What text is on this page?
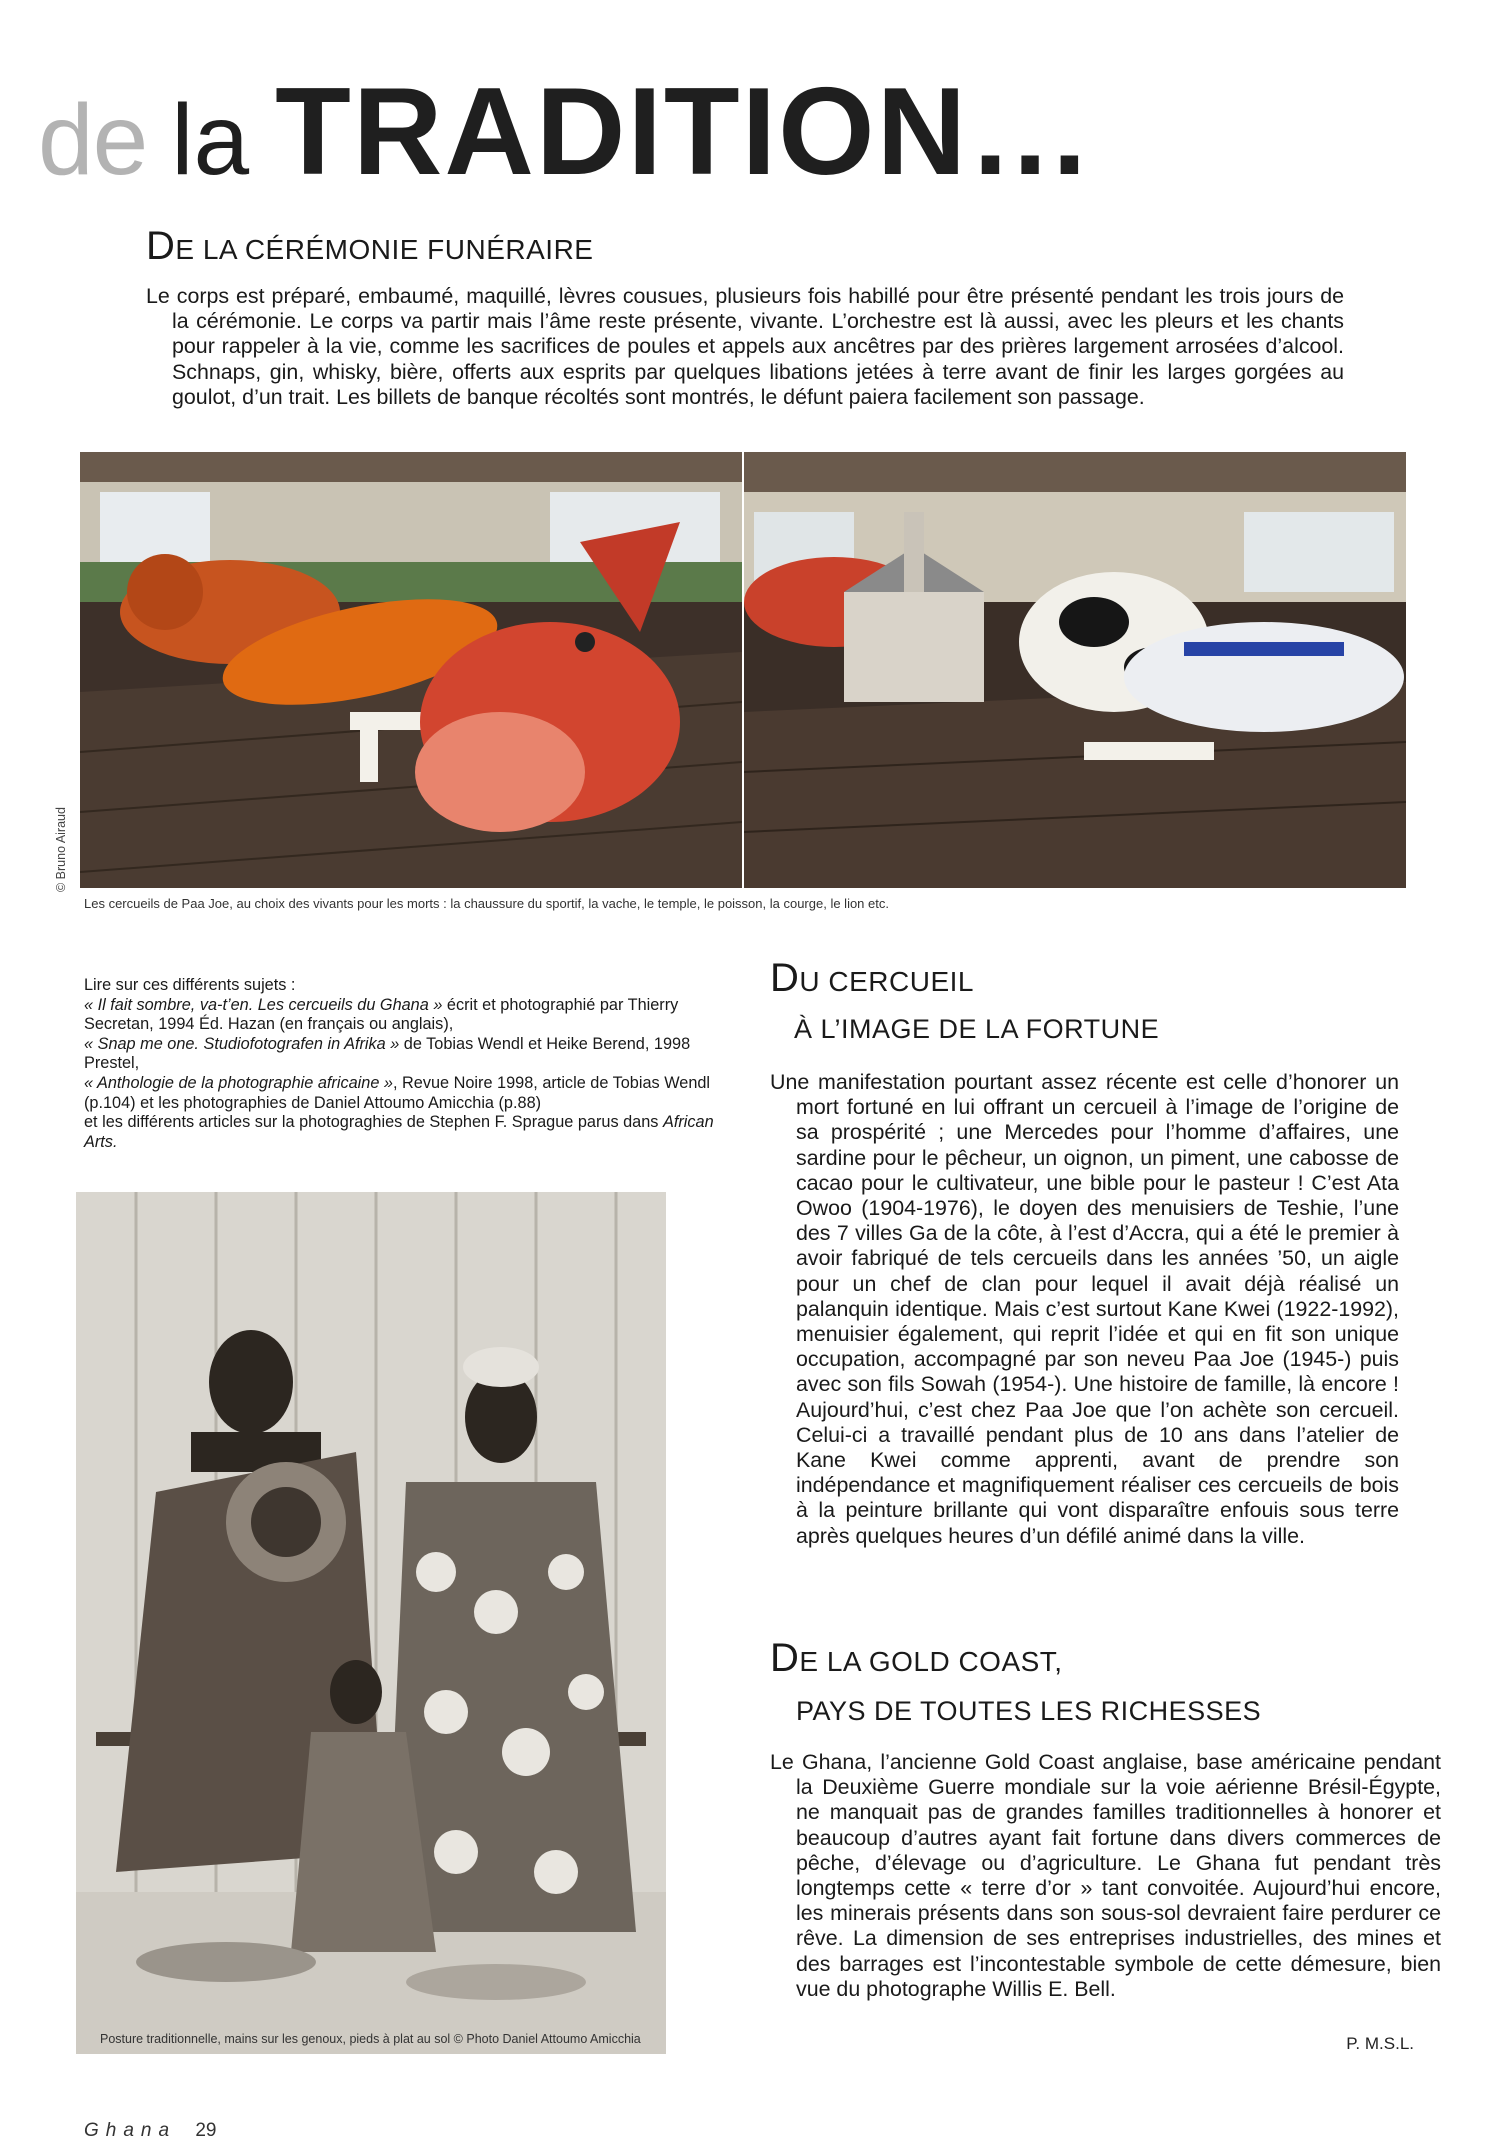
de la TRADITION…
DE LA CÉRÉMONIE FUNÉRAIRE
Le corps est préparé, embaumé, maquillé, lèvres cousues, plusieurs fois habillé pour être présenté pendant les trois jours de la cérémonie. Le corps va partir mais l’âme reste présente, vivante. L’orchestre est là aussi, avec les pleurs et les chants pour rappeler à la vie, comme les sacrifices de poules et appels aux ancêtres par des prières largement arrosées d’alcool. Schnaps, gin, whisky, bière, offerts aux esprits par quelques libations jetées à terre avant de finir les larges gorgées au goulot, d’un trait. Les billets de banque récoltés sont montrés, le défunt paiera facilement son passage.
© Bruno Airaud
Les cercueils de Paa Joe, au choix des vivants pour les morts : la chaussure du sportif, la vache, le temple, le poisson, la courge, le lion etc.

Lire sur ces différents sujets :

« Il fait sombre, va-t’en. Les cercueils du Ghana » écrit et photographié par Thierry Secretan, 1994 Éd. Hazan (en français ou anglais),

« Snap me one. Studiofotografen in Afrika » de Tobias Wendl et Heike Berend, 1998 Prestel,

« Anthologie de la photographie africaine », Revue Noire 1998, article de Tobias Wendl (p.104) et les photographies de Daniel Attoumo Amicchia (p.88)

et les différents articles sur la photograghies de Stephen F. Sprague parus dans African Arts.

Posture traditionnelle, mains sur les genoux, pieds à plat au sol © Photo Daniel Attoumo Amicchia
DU CERCUEIL
À L’IMAGE DE LA FORTUNE
Une manifestation pourtant assez récente est celle d’honorer un mort fortuné en lui offrant un cercueil à l’image de l’origine de sa prospérité ; une Mercedes pour l’homme d’affaires, une sardine pour le pêcheur, un oignon, un piment, une cabosse de cacao pour le cultivateur, une bible pour le pasteur ! C’est Ata Owoo (1904-1976), le doyen des menuisiers de Teshie, l’une des 7 villes Ga de la côte, à l’est d’Accra, qui a été le premier à avoir fabriqué de tels cercueils dans les années ’50, un aigle pour un chef de clan pour lequel il avait déjà réalisé un palanquin identique. Mais c’est surtout Kane Kwei (1922-1992), menuisier également, qui reprit l’idée et qui en fit son unique occupation, accompagné par son neveu Paa Joe (1945-) puis avec son fils Sowah (1954-). Une histoire de famille, là encore ! Aujourd’hui, c’est chez Paa Joe que l’on achète son cercueil. Celui-ci a travaillé pendant plus de 10 ans dans l’atelier de Kane Kwei comme apprenti, avant de prendre son indépendance et magnifiquement réaliser ces cercueils de bois à la peinture brillante qui vont disparaître enfouis sous terre après quelques heures d’un défilé animé dans la ville.
DE LA GOLD COAST,
PAYS DE TOUTES LES RICHESSES
Le Ghana, l’ancienne Gold Coast anglaise, base américaine pendant la Deuxième Guerre mondiale sur la voie aérienne Brésil-Égypte, ne manquait pas de grandes familles traditionnelles à honorer et beaucoup d’autres ayant fait fortune dans divers commerces de pêche, d’élevage ou d’agriculture. Le Ghana fut pendant très longtemps cette « terre d’or » tant convoitée. Aujourd’hui encore, les minerais présents dans son sous-sol devraient faire perdurer ce rêve. La dimension de ses entreprises industrielles, des mines et des barrages est l’incontestable symbole de cette démesure, bien vue du photographe Willis E. Bell.
P. M.S.L.
Ghana 29
